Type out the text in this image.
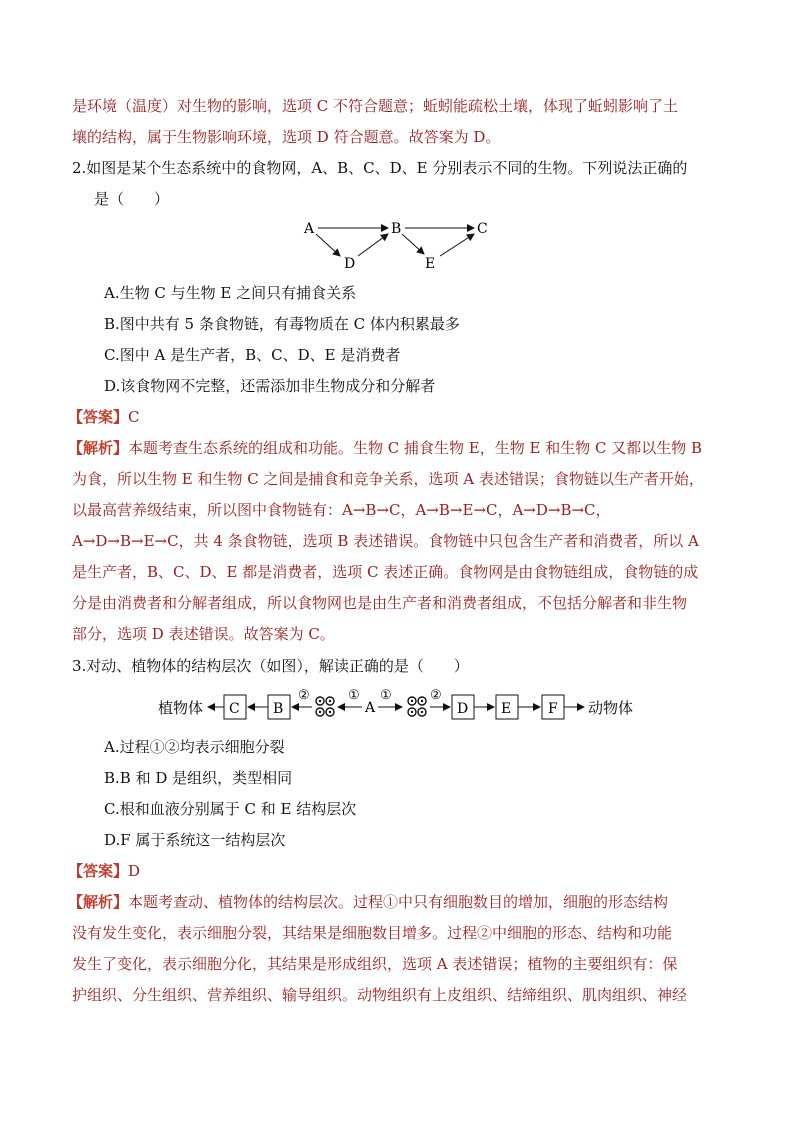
是环境（温度）对生物的影响，选项 C 不符合题意；蚯蚓能疏松土壤，体现了蚯蚓影响了土
壤的结构，属于生物影响环境，选项 D 符合题意。故答案为 D。
2.如图是某个生态系统中的食物网，A、B、C、D、E 分别表示不同的生物。下列说法正确的
是（　　）
A	B	C
D	E
A.生物 C 与生物 E 之间只有捕食关系
B.图中共有 5 条食物链，有毒物质在 C 体内积累最多
C.图中 A 是生产者，B、C、D、E 是消费者
D.该食物网不完整，还需添加非生物成分和分解者
【答案】C
【解析】本题考查生态系统的组成和功能。生物 C 捕食生物 E，生物 E 和生物 C 又都以生物 B
为食，所以生物 E 和生物 C 之间是捕食和竞争关系，选项 A 表述错误；食物链以生产者开始，
以最高营养级结束，所以图中食物链有：A→B→C，A→B→E→C，A→D→B→C，
A→D→B→E→C，共 4 条食物链，选项 B 表述错误。食物链中只包含生产者和消费者，所以 A
是生产者，B、C、D、E 都是消费者，选项 C 表述正确。食物网是由食物链组成，食物链的成
分是由消费者和分解者组成，所以食物网也是由生产者和消费者组成，不包括分解者和非生物
部分，选项 D 表述错误。故答案为 C。
3.对动、植物体的结构层次（如图），解读正确的是（　　）
植物体 C B
②	①
A
①	②
D E	F 动物体
A.过程①②均表示细胞分裂
B.B 和 D 是组织，类型相同
C.根和血液分别属于 C 和 E 结构层次
D.F 属于系统这一结构层次
【答案】D
【解析】本题考查动、植物体的结构层次。过程①中只有细胞数目的增加，细胞的形态结构
没有发生变化，表示细胞分裂，其结果是细胞数目增多。过程②中细胞的形态、结构和功能
发生了变化，表示细胞分化，其结果是形成组织，选项 A 表述错误；植物的主要组织有：保
护组织、分生组织、营养组织、输导组织。动物组织有上皮组织、结缔组织、肌肉组织、神经
